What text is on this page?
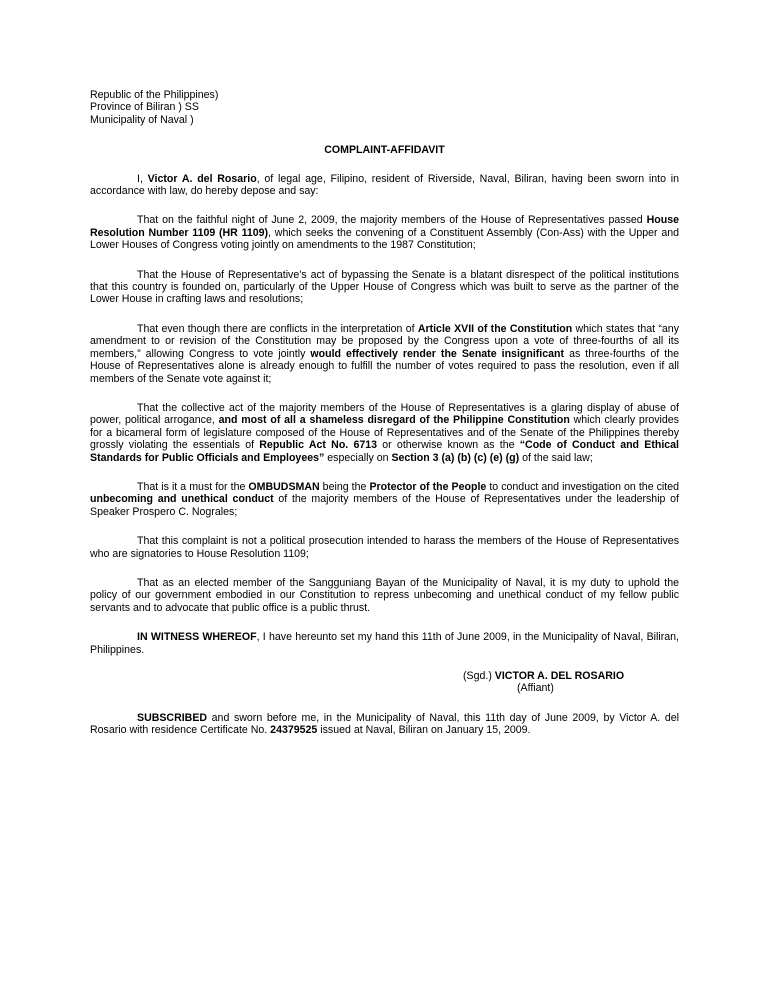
Republic of the Philippines)
Province of Biliran ) SS
Municipality of Naval )
COMPLAINT-AFFIDAVIT

I, Victor A. del Rosario, of legal age, Filipino, resident of Riverside, Naval, Biliran, having been sworn into in accordance with law, do hereby depose and say:

That on the faithful night of June 2, 2009, the majority members of the House of Representatives passed House Resolution Number 1109 (HR 1109), which seeks the convening of a Constituent Assembly (Con-Ass) with the Upper and Lower Houses of Congress voting jointly on amendments to the 1987 Constitution;

That the House of Representative’s act of bypassing the Senate is a blatant disrespect of the political institutions that this country is founded on, particularly of the Upper House of Congress which was built to serve as the partner of the Lower House in crafting laws and resolutions;

That even though there are conflicts in the interpretation of Article XVII of the Constitution which states that “any amendment to or revision of the Constitution may be proposed by the Congress upon a vote of three-fourths of all its members,” allowing Congress to vote jointly would effectively render the Senate insignificant as three-fourths of the House of Representatives alone is already enough to fulfill the number of votes required to pass the resolution, even if all members of the Senate vote against it;

That the collective act of the majority members of the House of Representatives is a glaring display of abuse of power, political arrogance, and most of all a shameless disregard of the Philippine Constitution which clearly provides for a bicameral form of legislature composed of the House of Representatives and of the Senate of the Philippines thereby grossly violating the essentials of Republic Act No. 6713 or otherwise known as the “Code of Conduct and Ethical Standards for Public Officials and Employees” especially on Section 3 (a) (b) (c) (e) (g) of the said law;

That is it a must for the OMBUDSMAN being the Protector of the People to conduct and investigation on the cited unbecoming and unethical conduct of the majority members of the House of Representatives under the leadership of Speaker Prospero C. Nograles;

That this complaint is not a political prosecution intended to harass the members of the House of Representatives who are signatories to House Resolution 1109;

That as an elected member of the Sangguniang Bayan of the Municipality of Naval, it is my duty to uphold the policy of our government embodied in our Constitution to repress unbecoming and unethical conduct of my fellow public servants and to advocate that public office is a public thrust.

IN WITNESS WHEREOF, I have hereunto set my hand this 11th of June 2009, in the Municipality of Naval, Biliran, Philippines.

(Sgd.) VICTOR A. DEL ROSARIO
(Affiant)

SUBSCRIBED and sworn before me, in the Municipality of Naval, this 11th day of June 2009, by Victor A. del Rosario with residence Certificate No. 24379525 issued at Naval, Biliran on January 15, 2009.
